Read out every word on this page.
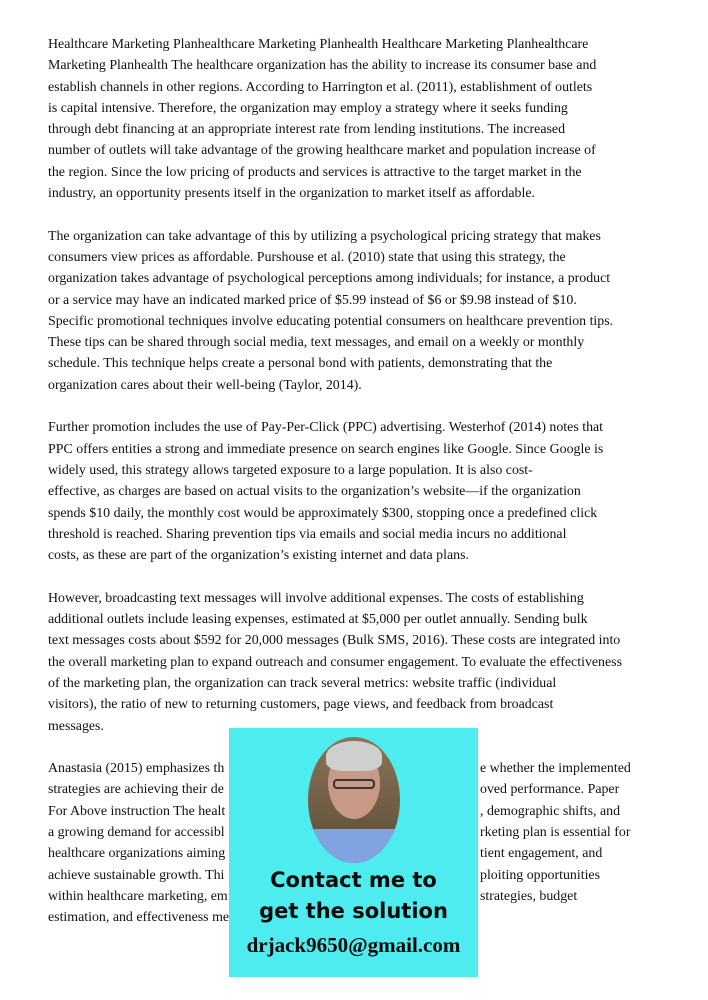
Healthcare Marketing Planhealthcare Marketing Planhealth Healthcare Marketing Planhealthcare
Marketing Planhealth The healthcare organization has the ability to increase its consumer base and
establish channels in other regions. According to Harrington et al. (2011), establishment of outlets
is capital intensive. Therefore, the organization may employ a strategy where it seeks funding
through debt financing at an appropriate interest rate from lending institutions. The increased
number of outlets will take advantage of the growing healthcare market and population increase of
the region. Since the low pricing of products and services is attractive to the target market in the
industry, an opportunity presents itself in the organization to market itself as affordable.
The organization can take advantage of this by utilizing a psychological pricing strategy that makes
consumers view prices as affordable. Purshouse et al. (2010) state that using this strategy, the
organization takes advantage of psychological perceptions among individuals; for instance, a product
or a service may have an indicated marked price of $5.99 instead of $6 or $9.98 instead of $10.
Specific promotional techniques involve educating potential consumers on healthcare prevention tips.
These tips can be shared through social media, text messages, and email on a weekly or monthly
schedule. This technique helps create a personal bond with patients, demonstrating that the
organization cares about their well-being (Taylor, 2014).
Further promotion includes the use of Pay-Per-Click (PPC) advertising. Westerhof (2014) notes that
PPC offers entities a strong and immediate presence on search engines like Google. Since Google is
widely used, this strategy allows targeted exposure to a large population. It is also cost-
effective, as charges are based on actual visits to the organization’s website—if the organization
spends $10 daily, the monthly cost would be approximately $300, stopping once a predefined click
threshold is reached. Sharing prevention tips via emails and social media incurs no additional
costs, as these are part of the organization’s existing internet and data plans.
However, broadcasting text messages will involve additional expenses. The costs of establishing
additional outlets include leasing expenses, estimated at $5,000 per outlet annually. Sending bulk
text messages costs about $592 for 20,000 messages (Bulk SMS, 2016). These costs are integrated into
the overall marketing plan to expand outreach and consumer engagement. To evaluate the effectiveness
of the marketing plan, the organization can track several metrics: website traffic (individual
visitors), the ratio of new to returning customers, page views, and feedback from broadcast
messages.
Anastasia (2015) emphasizes th	e whether the implemented
strategies are achieving their de	oved performance. Paper
For Above instruction The healt	, demographic shifts, and
a growing demand for accessibl	rketing plan is essential for
healthcare organizations aiming	tient engagement, and
achieve sustainable growth. Thi	ploiting opportunities
within healthcare marketing, em	strategies, budget
estimation, and effectiveness me
Contact me to
get the solution
drjack9650@gmail.com
